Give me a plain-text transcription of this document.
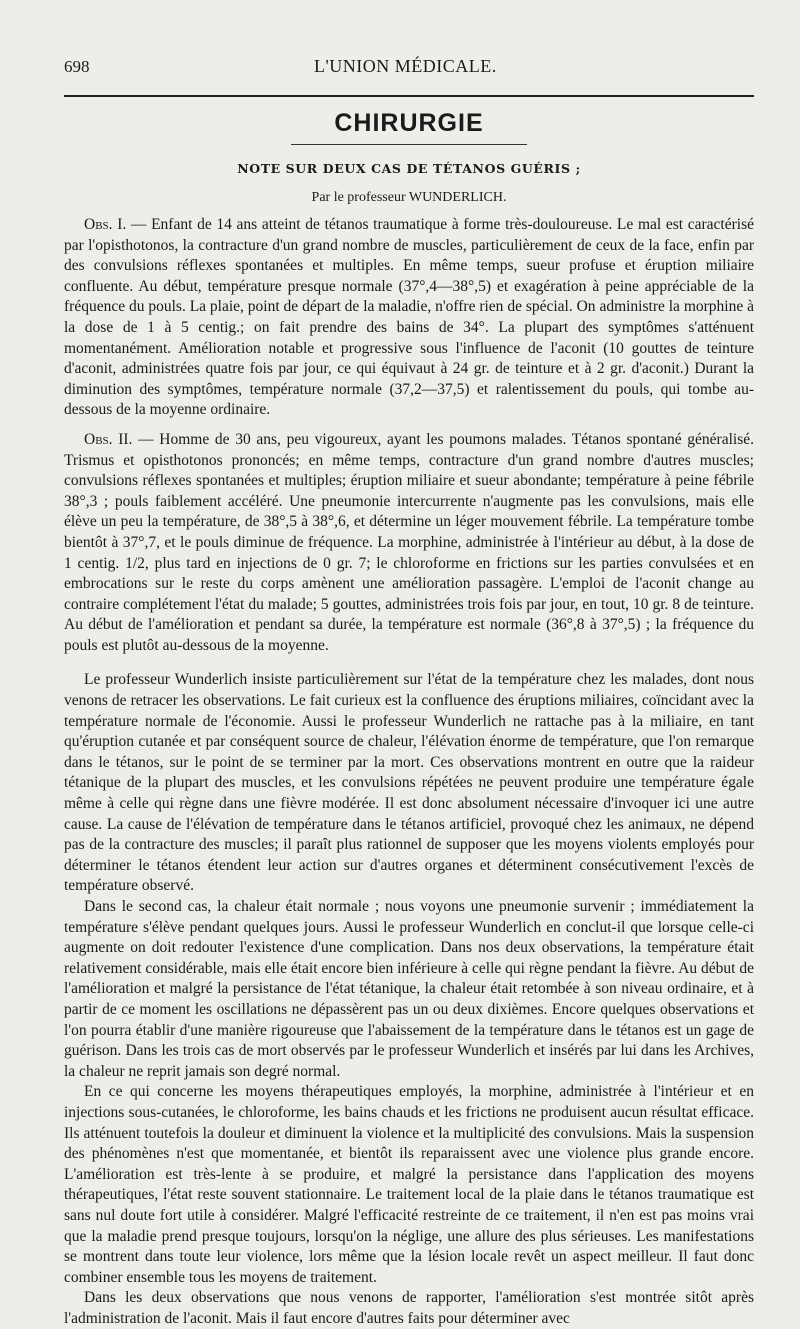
698	L'UNION MÉDICALE.
CHIRURGIE
NOTE SUR DEUX CAS DE TÉTANOS GUÉRIS ;
Par le professeur WUNDERLICH.

Obs. I. — Enfant de 14 ans atteint de tétanos traumatique à forme très-douloureuse. Le mal est caractérisé par l'opisthotonos, la contracture d'un grand nombre de muscles, particulièrement de ceux de la face, enfin par des convulsions réflexes spontanées et multiples. En même temps, sueur profuse et éruption miliaire confluente. Au début, température presque normale (37°,4—38°,5) et exagération à peine appréciable de la fréquence du pouls. La plaie, point de départ de la maladie, n'offre rien de spécial. On administre la morphine à la dose de 1 à 5 centig.; on fait prendre des bains de 34°. La plupart des symptômes s'atténuent momentanément. Amélioration notable et progressive sous l'influence de l'aconit (10 gouttes de teinture d'aconit, administrées quatre fois par jour, ce qui équivaut à 24 gr. de teinture et à 2 gr. d'aconit.) Durant la diminution des symptômes, température normale (37,2—37,5) et ralentissement du pouls, qui tombe au-dessous de la moyenne ordinaire.

Obs. II. — Homme de 30 ans, peu vigoureux, ayant les poumons malades. Tétanos spontané généralisé. Trismus et opisthotonos prononcés; en même temps, contracture d'un grand nombre d'autres muscles; convulsions réflexes spontanées et multiples; éruption miliaire et sueur abondante; température à peine fébrile 38°,3 ; pouls faiblement accéléré. Une pneumonie intercurrente n'augmente pas les convulsions, mais elle élève un peu la température, de 38°,5 à 38°,6, et détermine un léger mouvement fébrile. La température tombe bientôt à 37°,7, et le pouls diminue de fréquence. La morphine, administrée à l'intérieur au début, à la dose de 1 centig. 1/2, plus tard en injections de 0 gr. 7; le chloroforme en frictions sur les parties convulsées et en embrocations sur le reste du corps amènent une amélioration passagère. L'emploi de l'aconit change au contraire complétement l'état du malade; 5 gouttes, administrées trois fois par jour, en tout, 10 gr. 8 de teinture. Au début de l'amélioration et pendant sa durée, la température est normale (36°,8 à 37°,5) ; la fréquence du pouls est plutôt au-dessous de la moyenne.

Le professeur Wunderlich insiste particulièrement sur l'état de la température chez les malades, dont nous venons de retracer les observations. Le fait curieux est la confluence des éruptions miliaires, coïncidant avec la température normale de l'économie. Aussi le professeur Wunderlich ne rattache pas à la miliaire, en tant qu'éruption cutanée et par conséquent source de chaleur, l'élévation énorme de température, que l'on remarque dans le tétanos, sur le point de se terminer par la mort. Ces observations montrent en outre que la raideur tétanique de la plupart des muscles, et les convulsions répétées ne peuvent produire une température égale même à celle qui règne dans une fièvre modérée. Il est donc absolument nécessaire d'invoquer ici une autre cause. La cause de l'élévation de température dans le tétanos artificiel, provoqué chez les animaux, ne dépend pas de la contracture des muscles; il paraît plus rationnel de supposer que les moyens violents employés pour déterminer le tétanos étendent leur action sur d'autres organes et déterminent consécutivement l'excès de température observé.

Dans le second cas, la chaleur était normale ; nous voyons une pneumonie survenir ; immédiatement la température s'élève pendant quelques jours. Aussi le professeur Wunderlich en conclut-il que lorsque celle-ci augmente on doit redouter l'existence d'une complication. Dans nos deux observations, la température était relativement considérable, mais elle était encore bien inférieure à celle qui règne pendant la fièvre. Au début de l'amélioration et malgré la persistance de l'état tétanique, la chaleur était retombée à son niveau ordinaire, et à partir de ce moment les oscillations ne dépassèrent pas un ou deux dixièmes. Encore quelques observations et l'on pourra établir d'une manière rigoureuse que l'abaissement de la température dans le tétanos est un gage de guérison. Dans les trois cas de mort observés par le professeur Wunderlich et insérés par lui dans les Archives, la chaleur ne reprit jamais son degré normal.

En ce qui concerne les moyens thérapeutiques employés, la morphine, administrée à l'intérieur et en injections sous-cutanées, le chloroforme, les bains chauds et les frictions ne produisent aucun résultat efficace. Ils atténuent toutefois la douleur et diminuent la violence et la multiplicité des convulsions. Mais la suspension des phénomènes n'est que momentanée, et bientôt ils reparaissent avec une violence plus grande encore. L'amélioration est très-lente à se produire, et malgré la persistance dans l'application des moyens thérapeutiques, l'état reste souvent stationnaire. Le traitement local de la plaie dans le tétanos traumatique est sans nul doute fort utile à considérer. Malgré l'efficacité restreinte de ce traitement, il n'en est pas moins vrai que la maladie prend presque toujours, lorsqu'on la néglige, une allure des plus sérieuses. Les manifestations se montrent dans toute leur violence, lors même que la lésion locale revêt un aspect meilleur. Il faut donc combiner ensemble tous les moyens de traitement.

Dans les deux observations que nous venons de rapporter, l'amélioration s'est montrée sitôt après l'administration de l'aconit. Mais il faut encore d'autres faits pour déterminer avec
